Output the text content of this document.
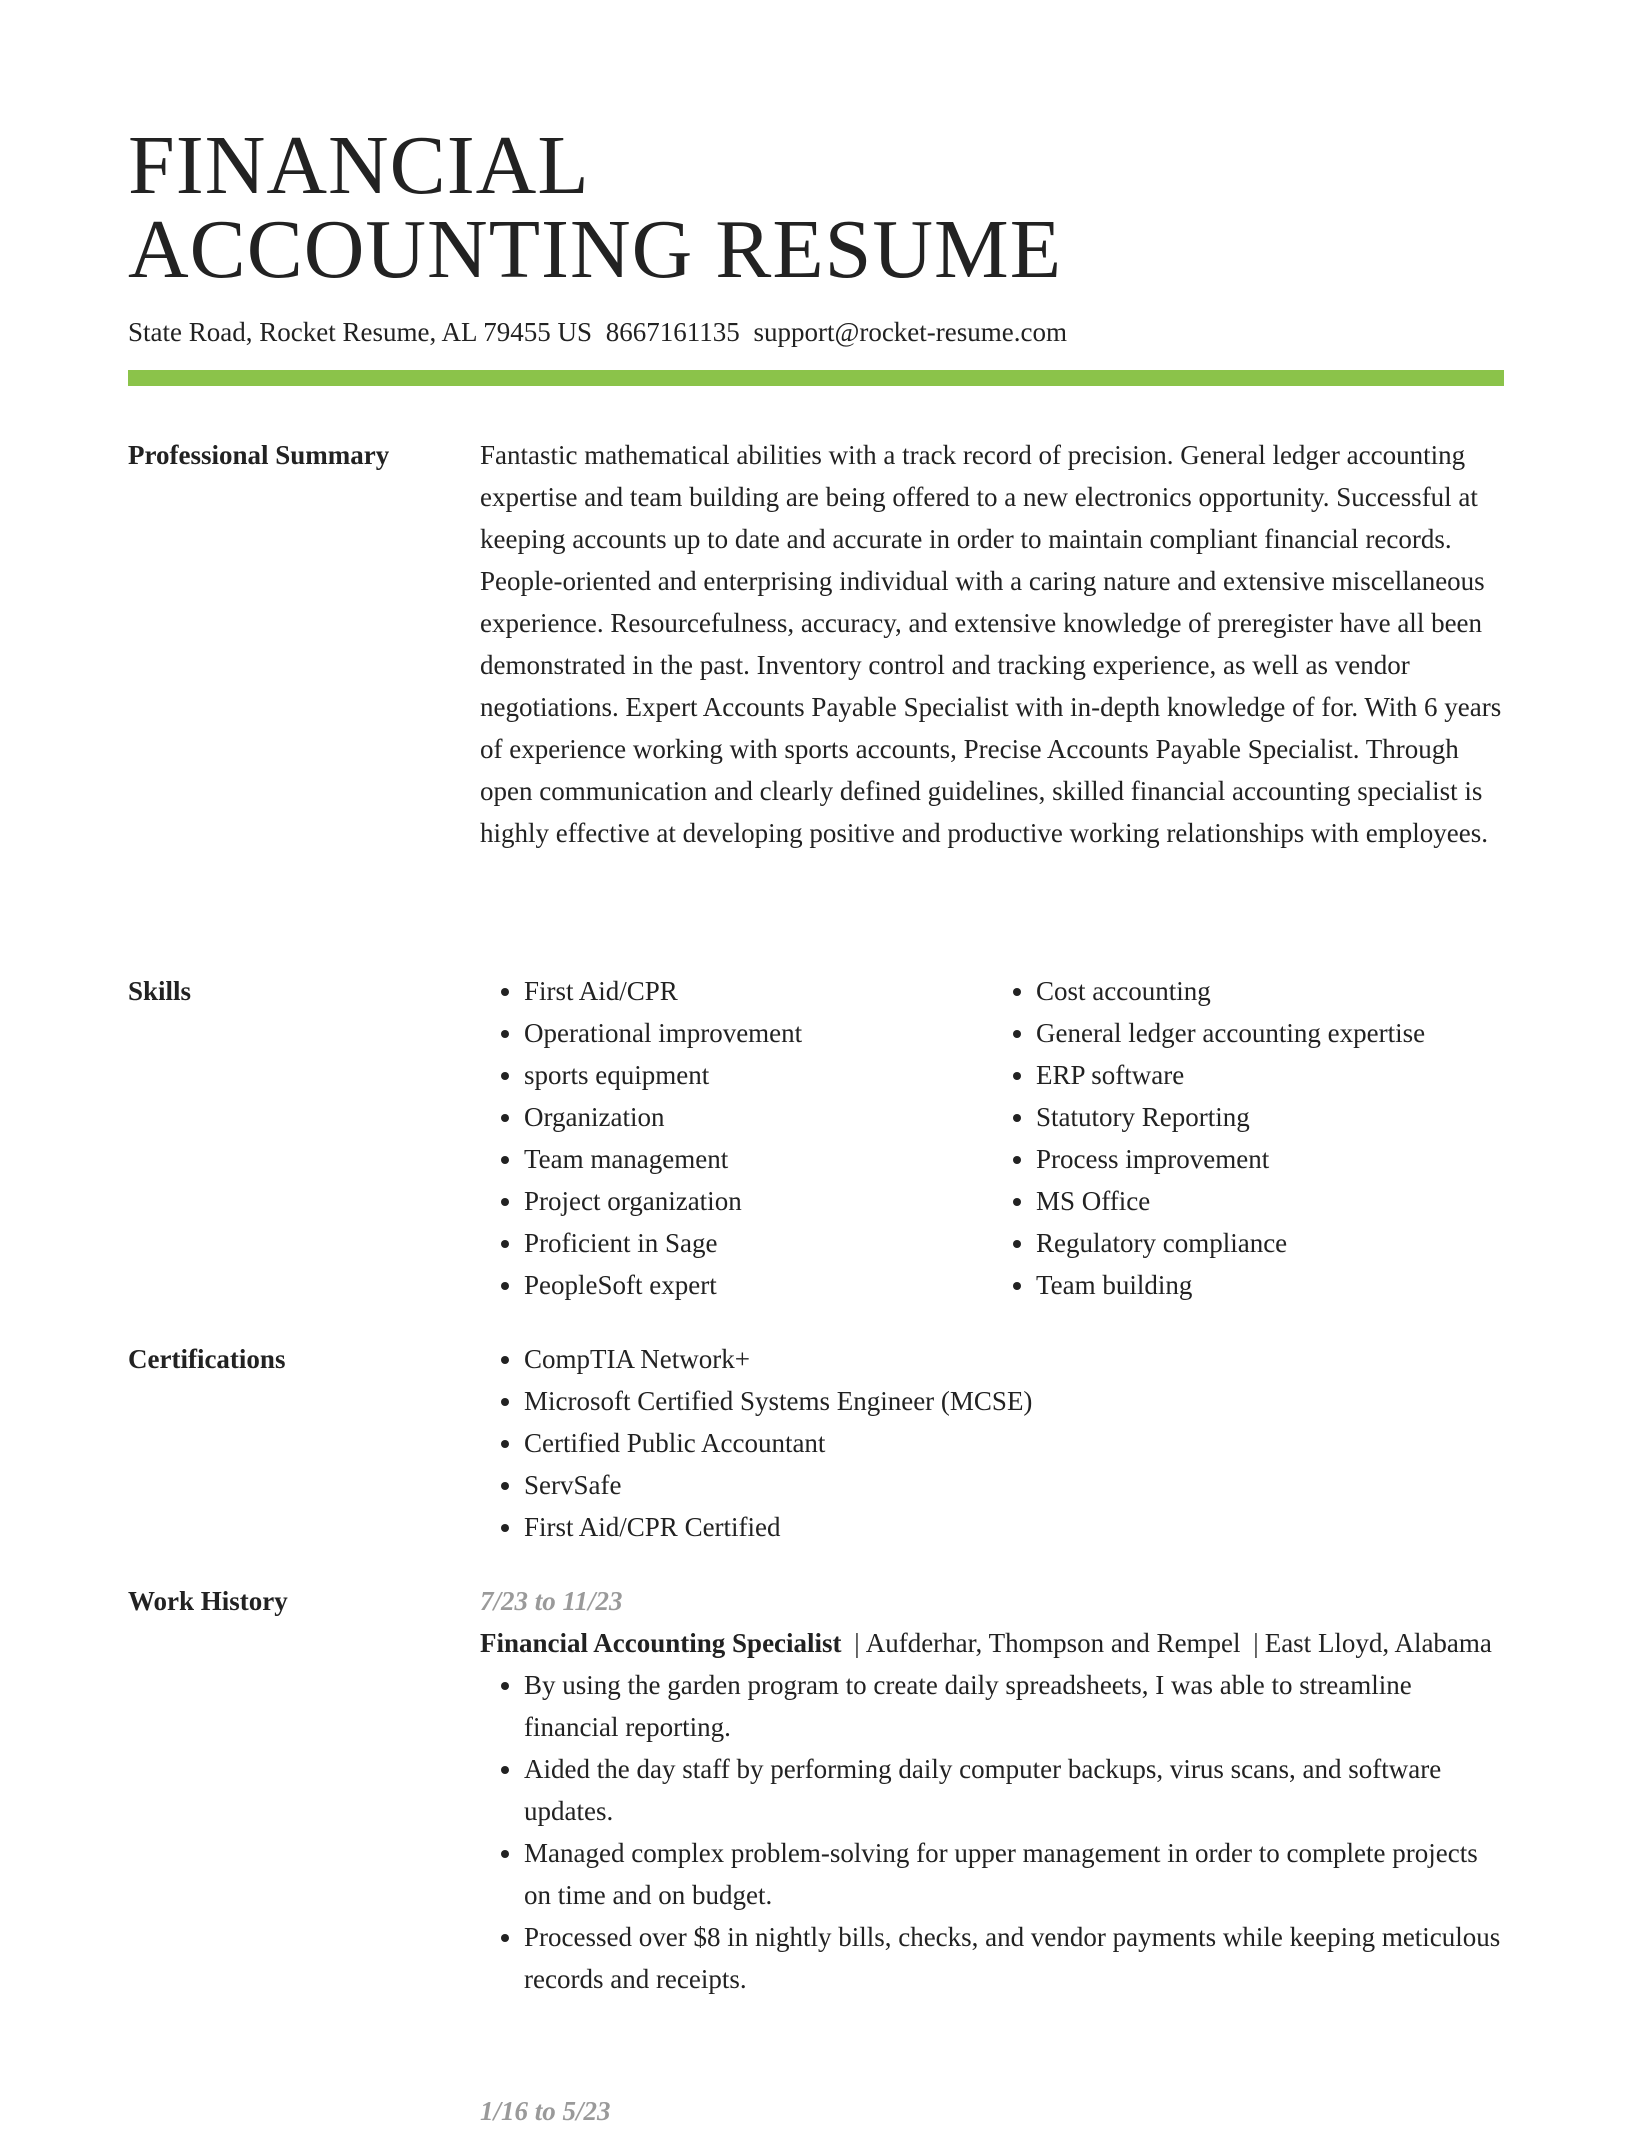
FINANCIAL
ACCOUNTING RESUME
State Road, Rocket Resume, AL 79455 US 8667161135 support@rocket-resume.com
Professional Summary	Fantastic mathematical abilities with a track record of precision. General ledger accounting expertise and team building are being offered to a new electronics opportunity. Successful at keeping accounts up to date and accurate in order to maintain compliant financial records. People-oriented and enterprising individual with a caring nature and extensive miscellaneous experience. Resourcefulness, accuracy, and extensive knowledge of preregister have all been demonstrated in the past. Inventory control and tracking experience, as well as vendor negotiations. Expert Accounts Payable Specialist with in-depth knowledge of for. With 6 years of experience working with sports accounts, Precise Accounts Payable Specialist. Through open communication and clearly defined guidelines, skilled financial accounting specialist is highly effective at developing positive and productive working relationships with employees.

Skills	• First Aid/CPR
• Operational improvement
• sports equipment
• Organization
• Team management
• Project organization
• Proficient in Sage
• PeopleSoft expert
• Cost accounting
• General ledger accounting expertise
• ERP software
• Statutory Reporting
• Process improvement
• MS Office
• Regulatory compliance
• Team building
Certifications	• CompTIA Network+
• Microsoft Certified Systems Engineer (MCSE)
• Certified Public Accountant
• ServSafe
• First Aid/CPR Certified
Work History	7/23 to 11/23

Financial Accounting Specialist | Aufderhar, Thompson and Rempel | East Lloyd, Alabama

• By using the garden program to create daily spreadsheets, I was able to streamline financial reporting.
• Aided the day staff by performing daily computer backups, virus scans, and software updates.
• Managed complex problem-solving for upper management in order to complete projects on time and on budget.
• Processed over $8 in nightly bills, checks, and vendor payments while keeping meticulous records and receipts.
1/16 to 5/23
